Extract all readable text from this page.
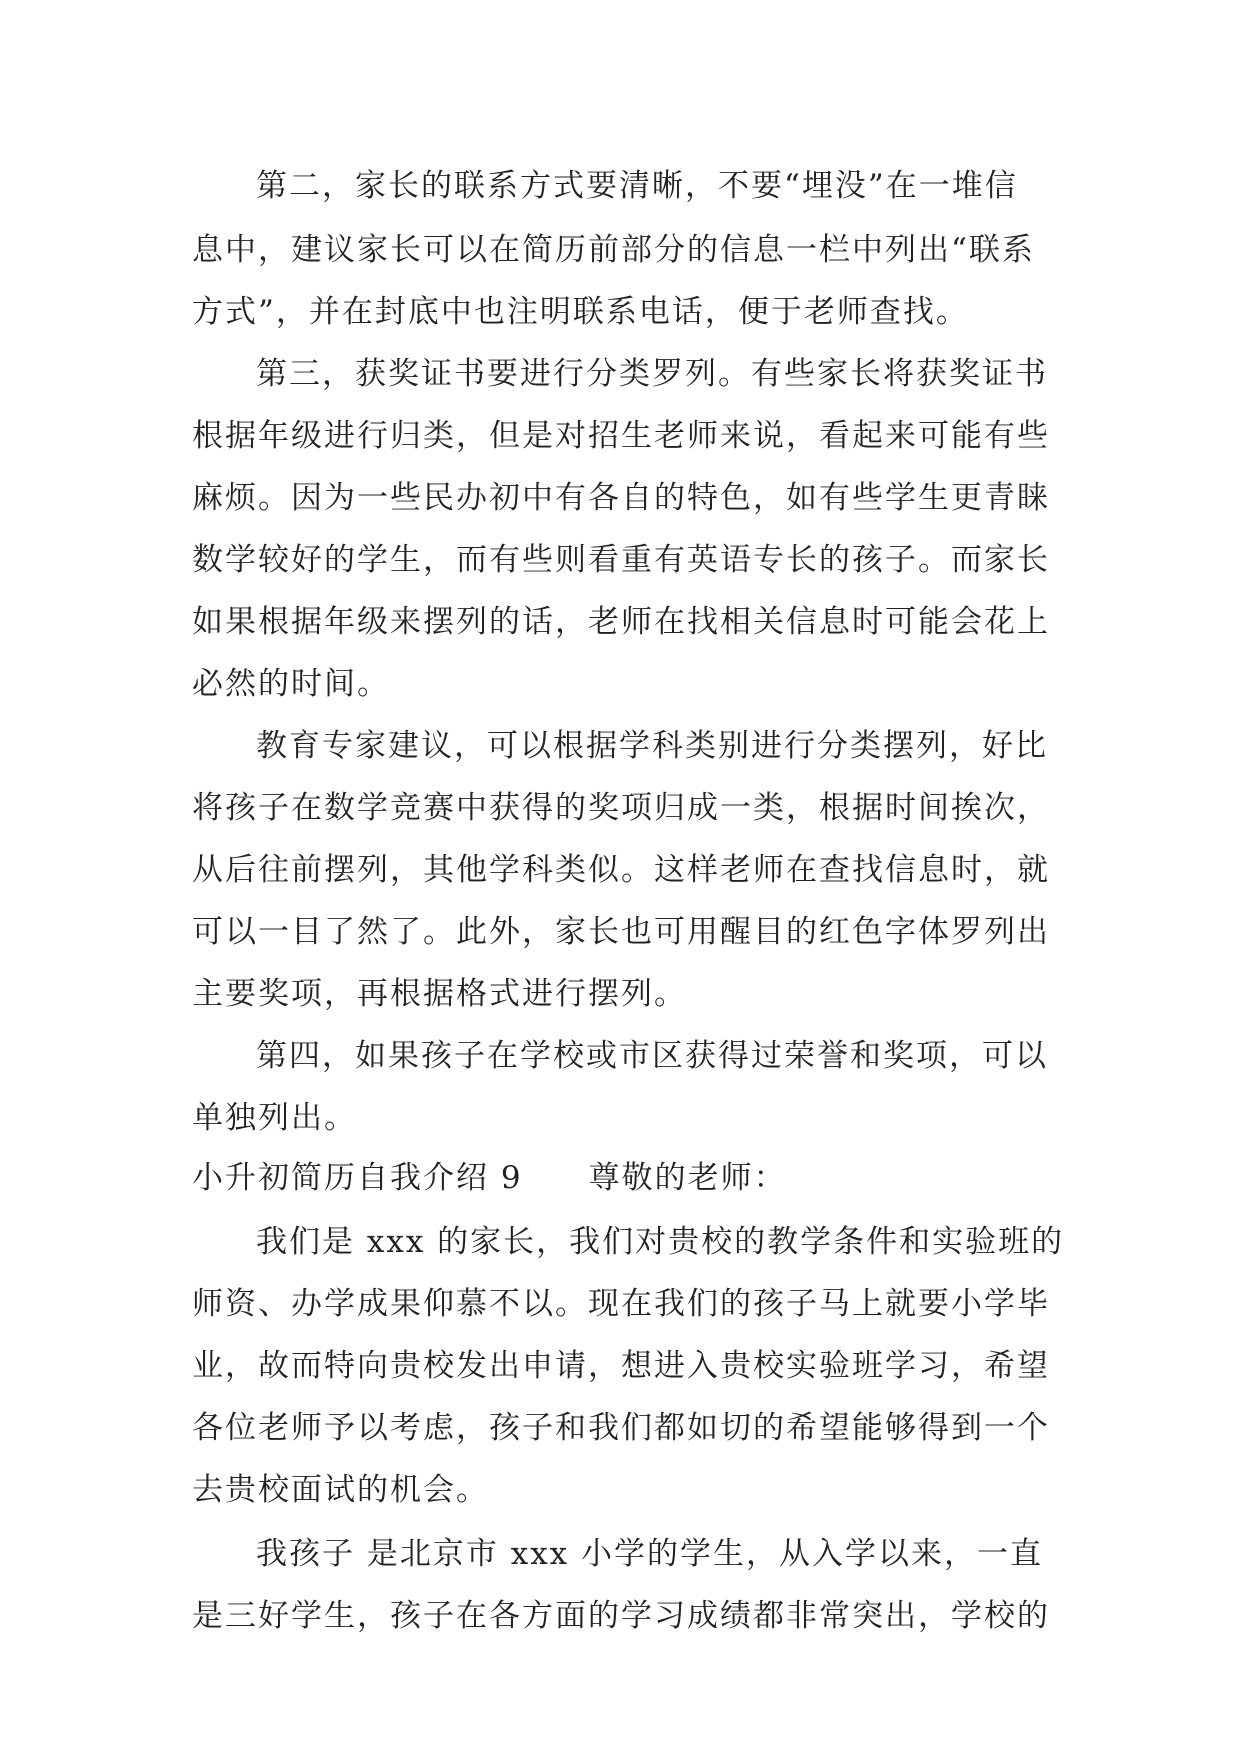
第二，家长的联系方式要清晰，不要“埋没”在一堆信
息中，建议家长可以在简历前部分的信息一栏中列出“联系
方式”，并在封底中也注明联系电话，便于老师查找。
第三，获奖证书要进行分类罗列。有些家长将获奖证书
根据年级进行归类，但是对招生老师来说，看起来可能有些
麻烦。因为一些民办初中有各自的特色，如有些学生更青睐
数学较好的学生，而有些则看重有英语专长的孩子。而家长
如果根据年级来摆列的话，老师在找相关信息时可能会花上
必然的时间。
教育专家建议，可以根据学科类别进行分类摆列，好比
将孩子在数学竞赛中获得的奖项归成一类，根据时间挨次，
从后往前摆列，其他学科类似。这样老师在查找信息时，就
可以一目了然了。此外，家长也可用醒目的红色字体罗列出
主要奖项，再根据格式进行摆列。
第四，如果孩子在学校或市区获得过荣誉和奖项，可以
单独列出。
小升初简历自我介绍 9　　尊敬的老师：
我们是 xxx 的家长，我们对贵校的教学条件和实验班的
师资、办学成果仰慕不以。现在我们的孩子马上就要小学毕
业，故而特向贵校发出申请，想进入贵校实验班学习，希望
各位老师予以考虑，孩子和我们都如切的希望能够得到一个
去贵校面试的机会。
我孩子 是北京市 xxx 小学的学生，从入学以来，一直
是三好学生，孩子在各方面的学习成绩都非常突出，学校的
